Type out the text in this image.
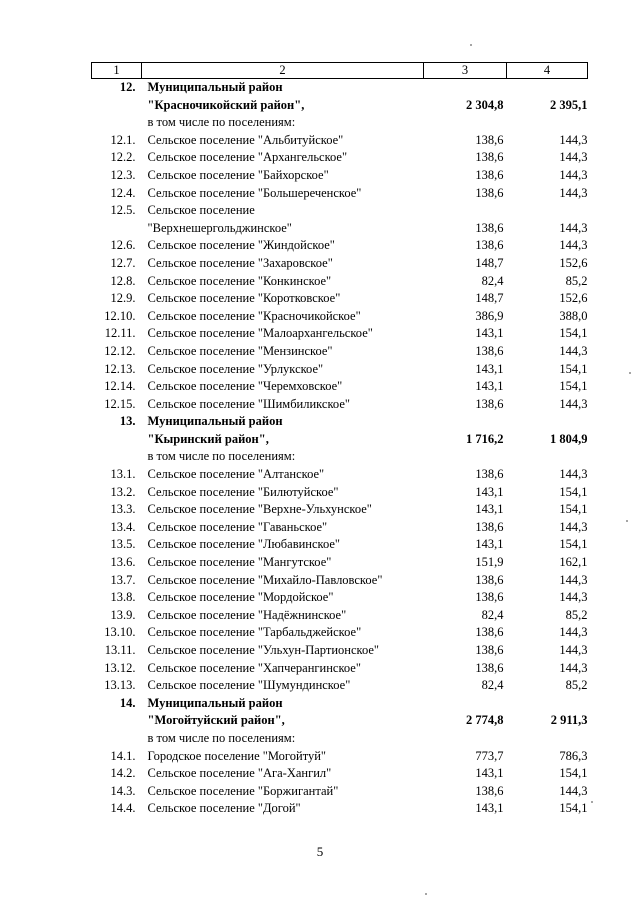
1	2	3	4
12.	Муниципальный район		
	"Красночикойский район",	2 304,8	2 395,1
	в том числе по поселениям:		
12.1.	Сельское поселение "Альбитуйское"	138,6	144,3
12.2.	Сельское поселение "Архангельское"	138,6	144,3
12.3.	Сельское поселение "Байхорское"	138,6	144,3
12.4.	Сельское поселение "Большереченское"	138,6	144,3
12.5.	Сельское поселение		
	"Верхнешергольджинское"	138,6	144,3
12.6.	Сельское поселение "Жиндойское"	138,6	144,3
12.7.	Сельское поселение "Захаровское"	148,7	152,6
12.8.	Сельское поселение "Конкинское"	82,4	85,2
12.9.	Сельское поселение "Коротковское"	148,7	152,6
12.10.	Сельское поселение "Красночикойское"	386,9	388,0
12.11.	Сельское поселение "Малоархангельское"	143,1	154,1
12.12.	Сельское поселение "Мензинское"	138,6	144,3
12.13.	Сельское поселение "Урлукское"	143,1	154,1
12.14.	Сельское поселение "Черемховское"	143,1	154,1
12.15.	Сельское поселение "Шимбиликское"	138,6	144,3
13.	Муниципальный район		
	"Кыринский район",	1 716,2	1 804,9
	в том числе по поселениям:		
13.1.	Сельское поселение "Алтанское"	138,6	144,3
13.2.	Сельское поселение "Билютуйское"	143,1	154,1
13.3.	Сельское поселение "Верхне-Ульхунское"	143,1	154,1
13.4.	Сельское поселение "Гаваньское"	138,6	144,3
13.5.	Сельское поселение "Любавинское"	143,1	154,1
13.6.	Сельское поселение "Мангутское"	151,9	162,1
13.7.	Сельское поселение "Михайло-Павловское"	138,6	144,3
13.8.	Сельское поселение "Мордойское"	138,6	144,3
13.9.	Сельское поселение "Надёжнинское"	82,4	85,2
13.10.	Сельское поселение "Тарбальджейское"	138,6	144,3
13.11.	Сельское поселение "Ульхун-Партионское"	138,6	144,3
13.12.	Сельское поселение "Хапчерангинское"	138,6	144,3
13.13.	Сельское поселение "Шумундинское"	82,4	85,2
14.	Муниципальный район		
	"Могойтуйский район",	2 774,8	2 911,3
	в том числе по поселениям:		
14.1.	Городское поселение "Могойтуй"	773,7	786,3
14.2.	Сельское поселение "Ага-Хангил"	143,1	154,1
14.3.	Сельское поселение "Боржигантай"	138,6	144,3
14.4.	Сельское поселение "Догой"	143,1	154,1
5
